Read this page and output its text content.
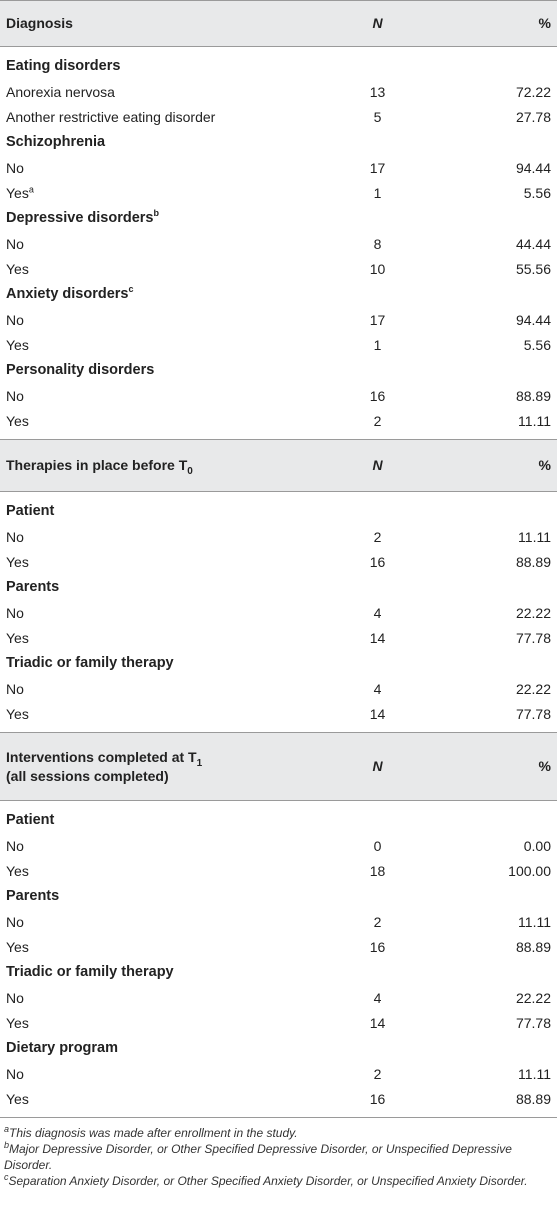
Diagnosis	N	%

Eating disorders		
Anorexia nervosa	13	72.22
Another restrictive eating disorder	5	27.78
Schizophrenia		
No	17	94.44
Yes$^a$	1	5.56
Depressive disorders$^b$
No	8	44.44
Yes	10	55.56
Anxiety disorders$^c$
No	17	94.44
Yes	1	5.56
Personality disorders		
No	16	88.89
Yes	2	11.11

Therapies in place before $T_0$	N	%

Patient		
No	2	11.11
Yes	16	88.89
Parents		
No	4	22.22
Yes	14	77.78
Triadic or family therapy		
No	4	22.22
Yes	14	77.78

Interventions completed at $T_1$
(all sessions completed)	N	%

Patient		
No	0	0.00
Yes	18	100.00
Parents		
No	2	11.11
Yes	16	88.89
Triadic or family therapy		
No	4	22.22
Yes	14	77.78
Dietary program		
No	2	11.11
Yes	16	88.89

$^a$This diagnosis was made after enrollment in the study.
$^b$Major Depressive Disorder, or Other Specified Depressive Disorder, or Unspecified Depressive Disorder.
$^c$Separation Anxiety Disorder, or Other Specified Anxiety Disorder, or Unspecified Anxiety Disorder.
